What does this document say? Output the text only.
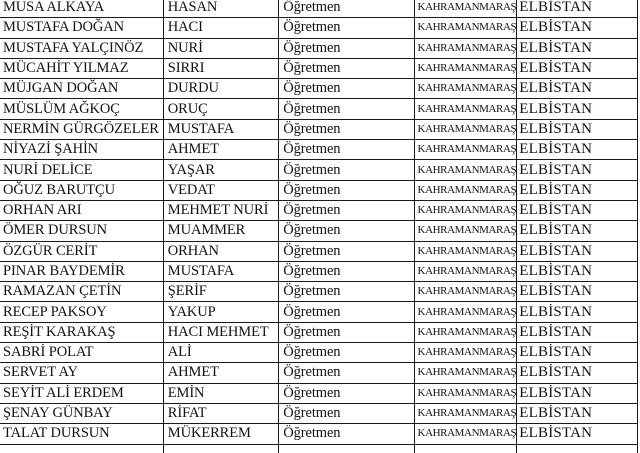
MUSA ALKAYA	HASAN	Öğretmen	KAHRAMANMARAŞ	ELBİSTAN
MUSTAFA DOĞAN	HACI	Öğretmen	KAHRAMANMARAŞ	ELBİSTAN
MUSTAFA YALÇINÖZ	NURİ	Öğretmen	KAHRAMANMARAŞ	ELBİSTAN
MÜCAHİT YILMAZ	SIRRI	Öğretmen	KAHRAMANMARAŞ	ELBİSTAN
MÜJGAN DOĞAN	DURDU	Öğretmen	KAHRAMANMARAŞ	ELBİSTAN
MÜSLÜM AĞKOÇ	ORUÇ	Öğretmen	KAHRAMANMARAŞ	ELBİSTAN
NERMİN GÜRGÖZELER	MUSTAFA	Öğretmen	KAHRAMANMARAŞ	ELBİSTAN
NİYAZİ ŞAHİN	AHMET	Öğretmen	KAHRAMANMARAŞ	ELBİSTAN
NURİ DELİCE	YAŞAR	Öğretmen	KAHRAMANMARAŞ	ELBİSTAN
OĞUZ BARUTÇU	VEDAT	Öğretmen	KAHRAMANMARAŞ	ELBİSTAN
ORHAN ARI	MEHMET NURİ	Öğretmen	KAHRAMANMARAŞ	ELBİSTAN
ÖMER DURSUN	MUAMMER	Öğretmen	KAHRAMANMARAŞ	ELBİSTAN
ÖZGÜR CERİT	ORHAN	Öğretmen	KAHRAMANMARAŞ	ELBİSTAN
PINAR BAYDEMİR	MUSTAFA	Öğretmen	KAHRAMANMARAŞ	ELBİSTAN
RAMAZAN ÇETİN	ŞERİF	Öğretmen	KAHRAMANMARAŞ	ELBİSTAN
RECEP PAKSOY	YAKUP	Öğretmen	KAHRAMANMARAŞ	ELBİSTAN
REŞİT KARAKAŞ	HACI MEHMET	Öğretmen	KAHRAMANMARAŞ	ELBİSTAN
SABRİ POLAT	ALİ	Öğretmen	KAHRAMANMARAŞ	ELBİSTAN
SERVET AY	AHMET	Öğretmen	KAHRAMANMARAŞ	ELBİSTAN
SEYİT ALİ ERDEM	EMİN	Öğretmen	KAHRAMANMARAŞ	ELBİSTAN
ŞENAY GÜNBAY	RİFAT	Öğretmen	KAHRAMANMARAŞ	ELBİSTAN
TALAT DURSUN	MÜKERREM	Öğretmen	KAHRAMANMARAŞ	ELBİSTAN
